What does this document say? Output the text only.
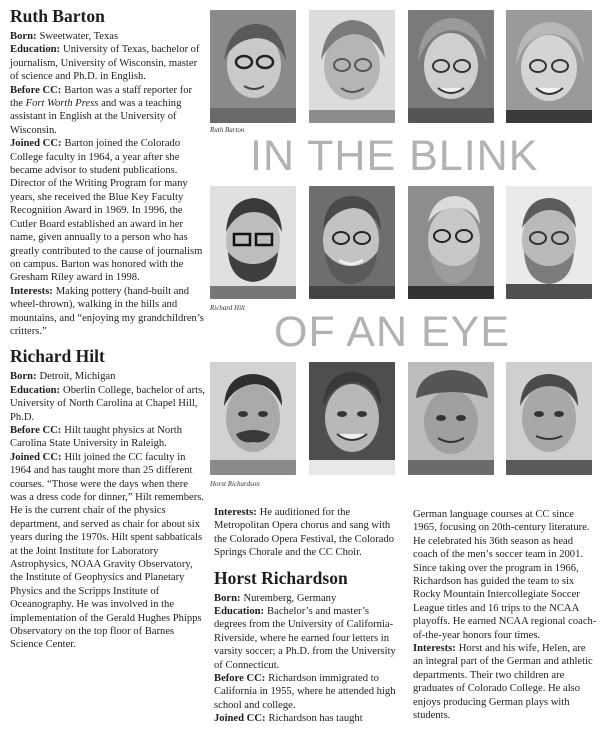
Ruth Barton

Born: Sweetwater, Texas

Education: University of Texas, bachelor of journalism, University of Wisconsin, master of science and Ph.D. in English.

Before CC: Barton was a staff reporter for the Fort Worth Press and was a teaching assistant in English at the University of Wisconsin.

Joined CC: Barton joined the Colorado College faculty in 1964, a year after she became advisor to student publications. Director of the Writing Program for many years, she received the Blue Key Faculty Recognition Award in 1969. In 1996, the Cutler Board established an award in her name, given annually to a person who has greatly contributed to the cause of journalism on campus. Barton was honored with the Gresham Riley award in 1998.

Interests: Making pottery (hand-built and wheel-thrown), walking in the hills and mountains, and “enjoying my grandchildren’s critters.”

Richard Hilt

Born: Detroit, Michigan

Education: Oberlin College, bachelor of arts, University of North Carolina at Chapel Hill, Ph.D.

Before CC: Hilt taught physics at North Carolina State University in Raleigh.

Joined CC: Hilt joined the CC faculty in 1964 and has taught more than 25 different courses. “Those were the days when there was a dress code for dinner,” Hilt remembers. He is the current chair of the physics department, and served as chair for about six years during the 1970s. Hilt spent sabbaticals at the Joint Institute for Laboratory Astrophysics, NOAA Gravity Observatory, the Institute of Geophysics and Planetary Physics and the Scripps Institute of Oceanography. He was involved in the implementation of the Gerald Hughes Phipps Observatory on the top floor of Barnes Science Center.

Ruth Barton
IN THE BLINK
Richard Hilt OF AN EYE
Horst Richardson

Interests: He auditioned for the Metropolitan Opera chorus and sang with the Colorado Opera Festival, the Colorado Springs Chorale and the CC Choir.

Horst Richardson

Born: Nuremberg, Germany

Education: Bachelor’s and master’s degrees from the University of California-Riverside, where he earned four letters in varsity soccer; a Ph.D. from the University of Connecticut.

Before CC: Richardson immigrated to California in 1955, where he attended high school and college.

Joined CC: Richardson has taught

German language courses at CC since 1965, focusing on 20th-century literature. He celebrated his 36th season as head coach of the men’s soccer team in 2001. Since taking over the program in 1966, Richardson has guided the team to six Rocky Mountain Intercollegiate Soccer League titles and 16 trips to the NCAA playoffs. He earned NCAA regional coach-of-the-year honors four times.

Interests: Horst and his wife, Helen, are an integral part of the German and athletic departments. Their two children are graduates of Colorado College. He also enjoys producing German plays with students.
